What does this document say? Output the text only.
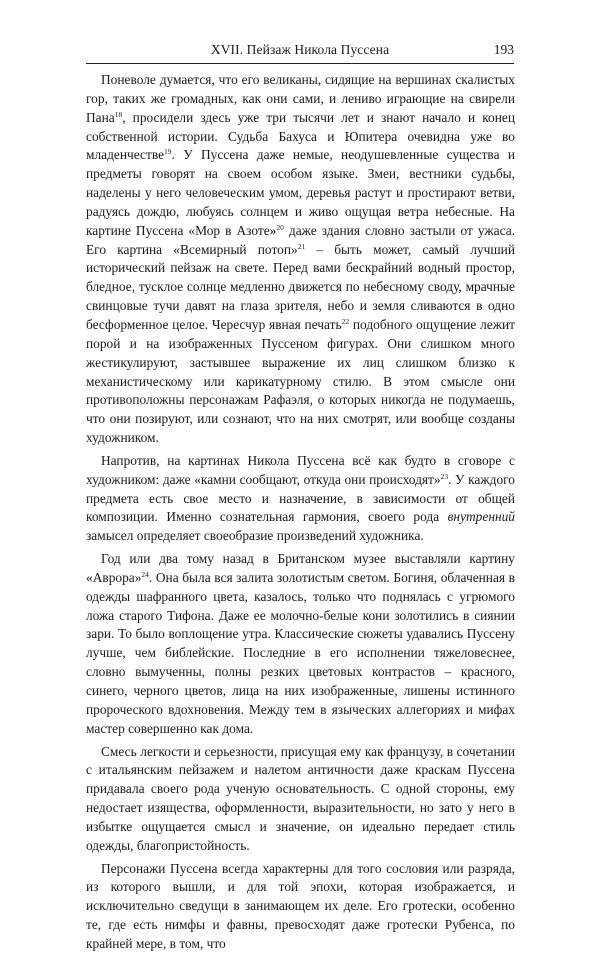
XVII. Пейзаж Никола Пуссена	193

Поневоле думается, что его великаны, сидящие на вершинах скалистых гор, таких же громадных, как они сами, и лениво играющие на свирели Пана$^{18}$, просидели здесь уже три тысячи лет и знают начало и конец собственной истории. Судьба Бахуса и Юпитера очевидна уже во младенчестве$^{19}$. У Пуссена даже немые, неодушевленные существа и предметы говорят на своем особом языке. Змеи, вестники судьбы, наделены у него человеческим умом, деревья растут и простирают ветви, радуясь дождю, любуясь солнцем и живо ощущая ветра небесные. На картине Пуссена «Мор в Азоте»$^{20}$ даже здания словно застыли от ужаса. Его картина «Всемирный потоп»$^{21}$ – быть может, самый лучший исторический пейзаж на свете. Перед вами бескрайний водный простор, бледное, тусклое солнце медленно движется по небесному своду, мрачные свинцовые тучи давят на глаза зрителя, небо и земля сливаются в одно бесформенное целое. Чересчур явная печать$^{22}$ подобного ощущение лежит порой и на изображенных Пуссеном фигурах. Они слишком много жестикулируют, застывшее выражение их лиц слишком близко к механистическому или карикатурному стилю. В этом смысле они противоположны персонажам Рафаэля, о которых никогда не подумаешь, что они позируют, или сознают, что на них смотрят, или вообще созданы художником.

Напротив, на картинах Никола Пуссена всё как будто в сговоре с художником: даже «камни сообщают, откуда они происходят»$^{23}$. У каждого предмета есть свое место и назначение, в зависимости от общей композиции. Именно сознательная гармония, своего рода внутренний замысел определяет своеобразие произведений художника.

Год или два тому назад в Британском музее выставляли картину «Аврора»$^{24}$. Она была вся залита золотистым светом. Богиня, облаченная в одежды шафранного цвета, казалось, только что поднялась с угрюмого ложа старого Тифона. Даже ее молочно-белые кони золотились в сиянии зари. То было воплощение утра. Классические сюжеты удавались Пуссену лучше, чем библейские. Последние в его исполнении тяжеловеснее, словно вымученны, полны резких цветовых контрастов – красного, синего, черного цветов, лица на них изображенные, лишены истинного пророческого вдохновения. Между тем в языческих аллегориях и мифах мастер совершенно как дома.

Смесь легкости и серьезности, присущая ему как французу, в сочетании с итальянским пейзажем и налетом античности даже краскам Пуссена придавала своего рода ученую основательность. С одной стороны, ему недостает изящества, оформленности, выразительности, но зато у него в избытке ощущается смысл и значение, он идеально передает стиль одежды, благопристойность.

Персонажи Пуссена всегда характерны для того сословия или разряда, из которого вышли, и для той эпохи, которая изображается, и исключительно сведущи в занимающем их деле. Его гротески, особенно те, где есть нимфы и фавны, превосходят даже гротески Рубенса, по крайней мере, в том, что
